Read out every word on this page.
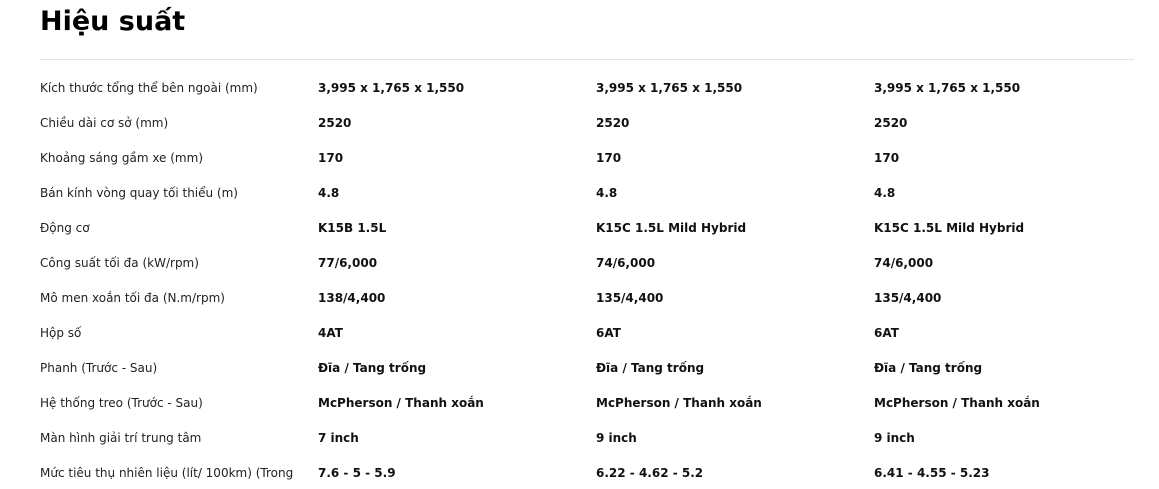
Hiệu suất
Kích thước tổng thể bên ngoài (mm)	3,995 x 1,765 x 1,550	3,995 x 1,765 x 1,550	3,995 x 1,765 x 1,550
Chiều dài cơ sở (mm)	2520	2520	2520
Khoảng sáng gầm xe (mm)	170	170	170
Bán kính vòng quay tối thiểu (m)	4.8	4.8	4.8
Động cơ	K15B 1.5L	K15C 1.5L Mild Hybrid	K15C 1.5L Mild Hybrid
Công suất tối đa (kW/rpm)	77/6,000	74/6,000	74/6,000
Mô men xoắn tối đa (N.m/rpm)	138/4,400	135/4,400	135/4,400
Hộp số	4AT	6AT	6AT
Phanh (Trước - Sau)	Đĩa / Tang trống	Đĩa / Tang trống	Đĩa / Tang trống
Hệ thống treo (Trước - Sau)	McPherson / Thanh xoắn	McPherson / Thanh xoắn	McPherson / Thanh xoắn
Màn hình giải trí trung tâm	7 inch	9 inch	9 inch
Mức tiêu thụ nhiên liệu (lít/ 100km) (Trong 7.6 - 5 - 5.9	6.22 - 4.62 - 5.2	6.41 - 4.55 - 5.23
